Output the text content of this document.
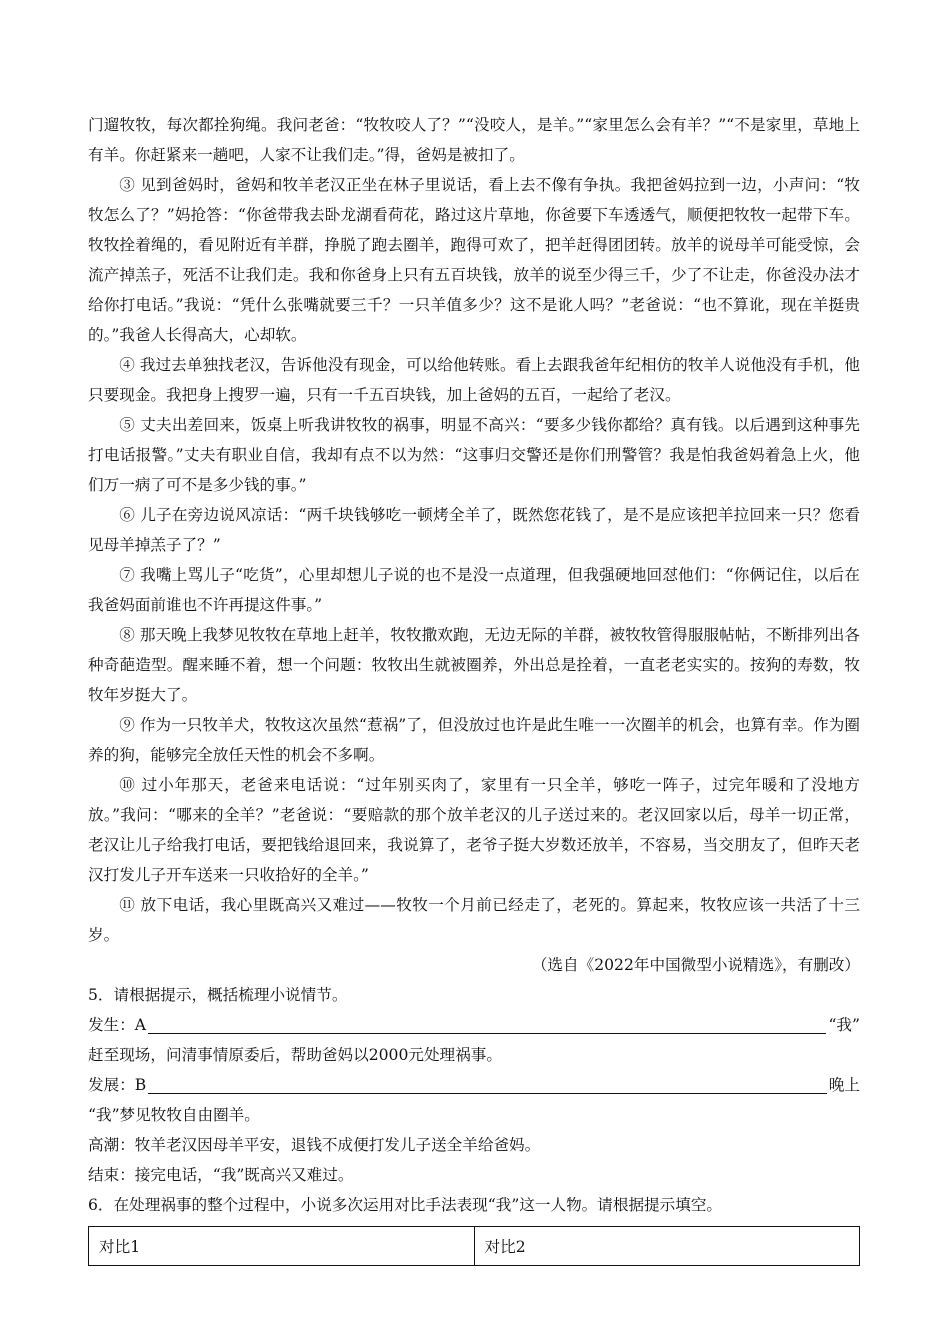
门遛牧牧，每次都拴狗绳。我问老爸：“牧牧咬人了？”“没咬人，是羊。”“家里怎么会有羊？”“不是家里，草地上有羊。你赶紧来一趟吧，人家不让我们走。”得，爸妈是被扣了。

③ 见到爸妈时，爸妈和牧羊老汉正坐在林子里说话，看上去不像有争执。我把爸妈拉到一边，小声问：“牧牧怎么了？”妈抢答：“你爸带我去卧龙湖看荷花，路过这片草地，你爸要下车透透气，顺便把牧牧一起带下车。牧牧拴着绳的，看见附近有羊群，挣脱了跑去圈羊，跑得可欢了，把羊赶得团团转。放羊的说母羊可能受惊，会流产掉羔子，死活不让我们走。我和你爸身上只有五百块钱，放羊的说至少得三千，少了不让走，你爸没办法才给你打电话。”我说：“凭什么张嘴就要三千？一只羊值多少？这不是讹人吗？”老爸说：“也不算讹，现在羊挺贵的。”我爸人长得高大，心却软。

④ 我过去单独找老汉，告诉他没有现金，可以给他转账。看上去跟我爸年纪相仿的牧羊人说他没有手机，他只要现金。我把身上搜罗一遍，只有一千五百块钱，加上爸妈的五百，一起给了老汉。

⑤ 丈夫出差回来，饭桌上听我讲牧牧的祸事，明显不高兴：“要多少钱你都给？真有钱。以后遇到这种事先打电话报警。”丈夫有职业自信，我却有点不以为然：“这事归交警还是你们刑警管？我是怕我爸妈着急上火，他们万一病了可不是多少钱的事。”

⑥ 儿子在旁边说风凉话：“两千块钱够吃一顿烤全羊了，既然您花钱了，是不是应该把羊拉回来一只？您看见母羊掉羔子了？”

⑦ 我嘴上骂儿子“吃货”，心里却想儿子说的也不是没一点道理，但我强硬地回怼他们：“你俩记住，以后在我爸妈面前谁也不许再提这件事。”

⑧ 那天晚上我梦见牧牧在草地上赶羊，牧牧撒欢跑，无边无际的羊群，被牧牧管得服服帖帖，不断排列出各种奇葩造型。醒来睡不着，想一个问题：牧牧出生就被圈养，外出总是拴着，一直老老实实的。按狗的寿数，牧牧年岁挺大了。

⑨ 作为一只牧羊犬，牧牧这次虽然“惹祸”了，但没放过也许是此生唯一一次圈羊的机会，也算有幸。作为圈养的狗，能够完全放任天性的机会不多啊。

⑩ 过小年那天，老爸来电话说：“过年别买肉了，家里有一只全羊，够吃一阵子，过完年暖和了没地方放。”我问：“哪来的全羊？”老爸说：“要赔款的那个放羊老汉的儿子送过来的。老汉回家以后，母羊一切正常，老汉让儿子给我打电话，要把钱给退回来，我说算了，老爷子挺大岁数还放羊，不容易，当交朋友了，但昨天老汉打发儿子开车送来一只收拾好的全羊。”

⑪ 放下电话，我心里既高兴又难过——牧牧一个月前已经走了，老死的。算起来，牧牧应该一共活了十三岁。

（选自《2022年中国微型小说精选》，有删改）

5．请根据提示，概括梳理小说情节。

发生：A	“我”

赶至现场，问清事情原委后，帮助爸妈以2000元处理祸事。

发展：B	晚上

“我”梦见牧牧自由圈羊。

高潮：牧羊老汉因母羊平安，退钱不成便打发儿子送全羊给爸妈。

结束：接完电话，“我”既高兴又难过。

6．在处理祸事的整个过程中，小说多次运用对比手法表现“我”这一人物。请根据提示填空。

对比1	对比2
